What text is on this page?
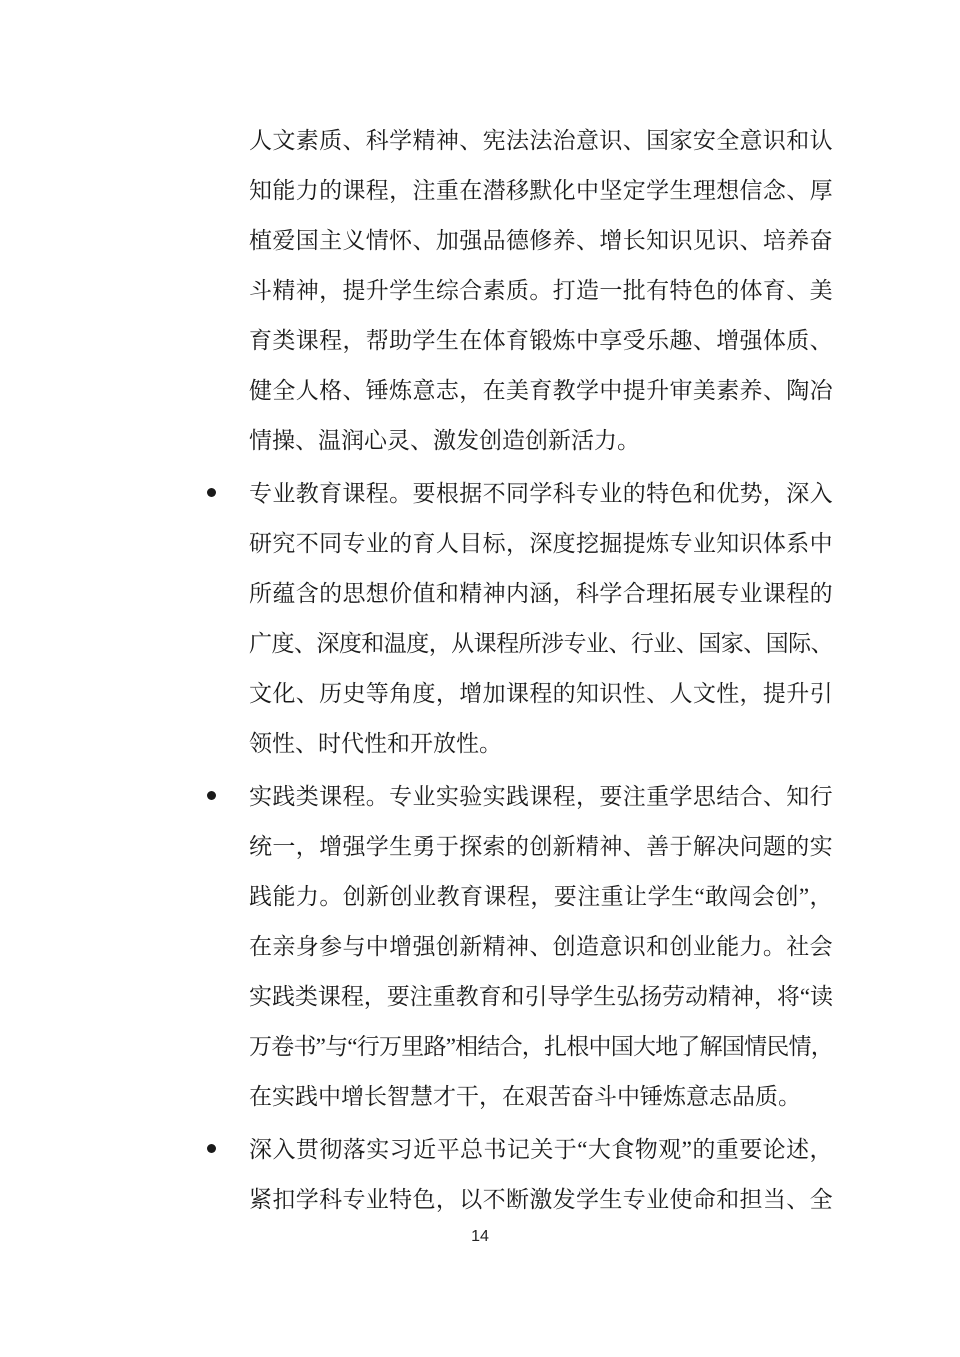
人文素质、科学精神、宪法法治意识、国家安全意识和认
知能力的课程，注重在潜移默化中坚定学生理想信念、厚
植爱国主义情怀、加强品德修养、增长知识见识、培养奋
斗精神，提升学生综合素质。打造一批有特色的体育、美
育类课程，帮助学生在体育锻炼中享受乐趣、增强体质、
健全人格、锤炼意志，在美育教学中提升审美素养、陶冶
情操、温润心灵、激发创造创新活力。
专业教育课程。要根据不同学科专业的特色和优势，深入
研究不同专业的育人目标，深度挖掘提炼专业知识体系中
所蕴含的思想价值和精神内涵，科学合理拓展专业课程的
广度、深度和温度，从课程所涉专业、行业、国家、国际、
文化、历史等角度，增加课程的知识性、人文性，提升引
领性、时代性和开放性。
实践类课程。专业实验实践课程，要注重学思结合、知行
统一，增强学生勇于探索的创新精神、善于解决问题的实
践能力。创新创业教育课程，要注重让学生“敢闯会创”，
在亲身参与中增强创新精神、创造意识和创业能力。社会
实践类课程，要注重教育和引导学生弘扬劳动精神，将“读
万卷书”与“行万里路”相结合，扎根中国大地了解国情民情，
在实践中增长智慧才干，在艰苦奋斗中锤炼意志品质。
深入贯彻落实习近平总书记关于“大食物观”的重要论述，
紧扣学科专业特色，以不断激发学生专业使命和担当、全
14
